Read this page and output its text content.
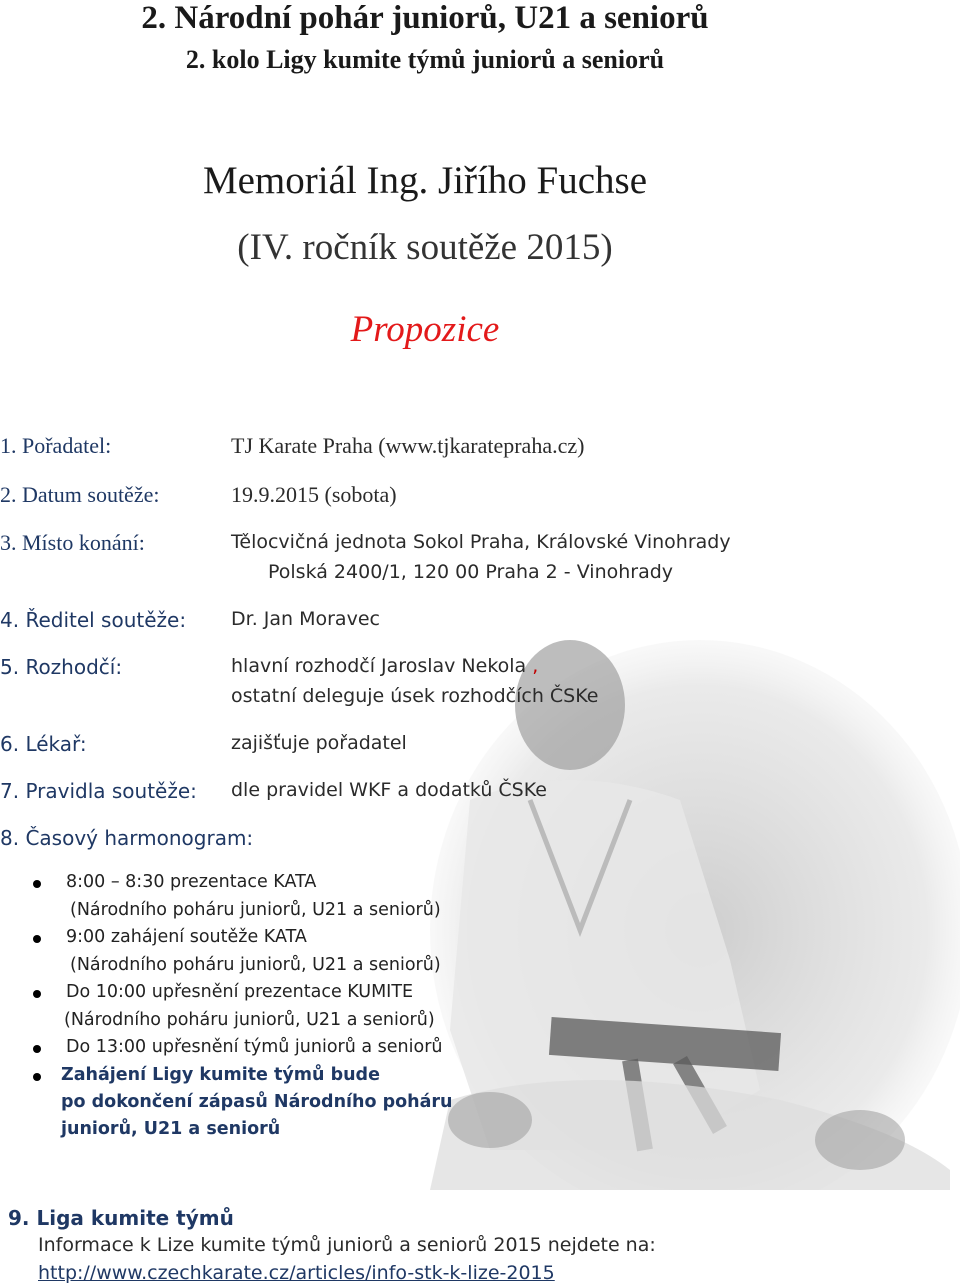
2. Národní pohár juniorů, U21 a seniorů
2. kolo Ligy kumite týmů juniorů a seniorů
Memoriál Ing. Jiřího Fuchse
(IV. ročník soutěže 2015)
Propozice
1. Pořadatel:	TJ Karate Praha (www.tjkaratepraha.cz)
2. Datum soutěže:	19.9.2015 (sobota)
3. Místo konání:	Tělocvičná jednota Sokol Praha, Královské Vinohrady
Polská 2400/1, 120 00 Praha 2 - Vinohrady
4. Ředitel soutěže: Dr. Jan Moravec
5. Rozhodčí:	hlavní rozhodčí Jaroslav Nekola ,
ostatní deleguje úsek rozhodčích ČSKe
6. Lékař:	zajišťuje pořadatel
7. Pravidla soutěže: dle pravidel WKF a dodatků ČSKe
8. Časový harmonogram:
8:00 – 8:30 prezentace KATA
(Národního poháru juniorů, U21 a seniorů)
9:00 zahájení soutěže KATA
(Národního poháru juniorů, U21 a seniorů)
Do 10:00 upřesnění prezentace KUMITE
(Národního poháru juniorů, U21 a seniorů)
Do 13:00 upřesnění týmů juniorů a seniorů
Zahájení Ligy kumite týmů bude
po dokončení zápasů Národního poháru
juniorů, U21 a seniorů
9. Liga kumite týmů
Informace k Lize kumite týmů juniorů a seniorů 2015 nejdete na:
http://www.czechkarate.cz/articles/info-stk-k-lize-2015
